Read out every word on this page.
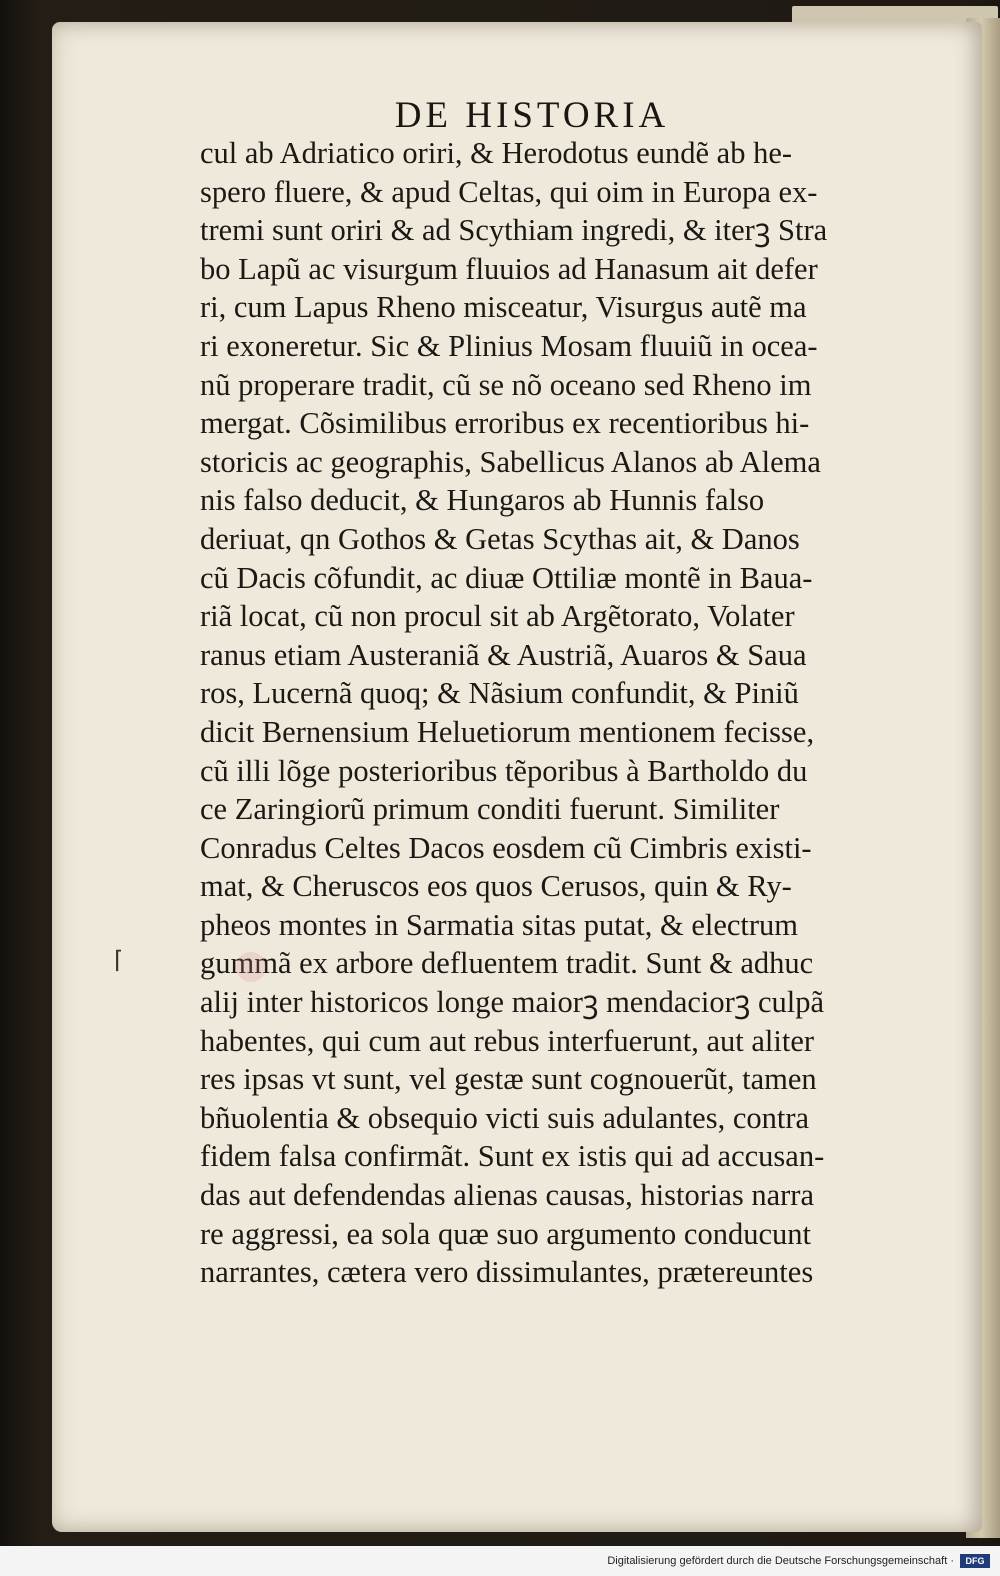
DE HISTORIA
cul ab Adriatico oriri, & Herodotus eundẽ ab he-
spero fluere, & apud Celtas, qui oim in Europa ex-
tremi sunt oriri & ad Scythiam ingredi, & iterꝫ Stra
bo Lapũ ac visurgum fluuios ad Hanasum ait defer
ri, cum Lapus Rheno misceatur, Visurgus autẽ ma
ri exoneretur. Sic & Plinius Mosam fluuiũ in ocea-
nũ properare tradit, cũ se nõ oceano sed Rheno im
mergat. Cõsimilibus erroribus ex recentioribus hi-
storicis ac geographis, Sabellicus Alanos ab Alema
nis falso deducit, & Hungaros ab Hunnis falso
deriuat, qn Gothos & Getas Scythas ait, & Danos
cũ Dacis cõfundit, ac diuæ Ottiliæ montẽ in Bauа-
riã locat, cũ non procul sit ab Argẽtorato, Volater
ranus etiam Austeraniã & Austriã, Auaros & Saua
ros, Lucernã quoq; & Nãsium confundit, & Piniũ
dicit Bernensium Heluetiorum mentionem fecisse,
cũ illi lõge posterioribus tẽporibus à Bartholdo du
ce Zaringiorũ primum conditi fuerunt. Similiter
Conradus Celtes Dacos eosdem cũ Cimbris existi-
mat, & Cheruscos eos quos Cerusos, quin & Ry-
pheos montes in Sarmatia sitas putat, & electrum
gummã ex arbore defluentem tradit. Sunt & adhuc
alij inter historicos longe maiorꝫ mendaciorꝫ culpã
habentes, qui cum aut rebus interfuerunt, aut aliter
res ipsas vt sunt, vel gestæ sunt cognouerũt, tamen
bñuolentia & obsequio victi suis adulantes, contra
fidem falsa confirmãt. Sunt ex istis qui ad accusan-
das aut defendendas alienas causas, historias narra
re aggressi, ea sola quæ suo argumento conducunt
narrantes, cætera vero dissimulantes, prætereuntes
⌈
Digitalisierung gefördert durch die Deutsche Forschungsgemeinschaft ·	DFG
